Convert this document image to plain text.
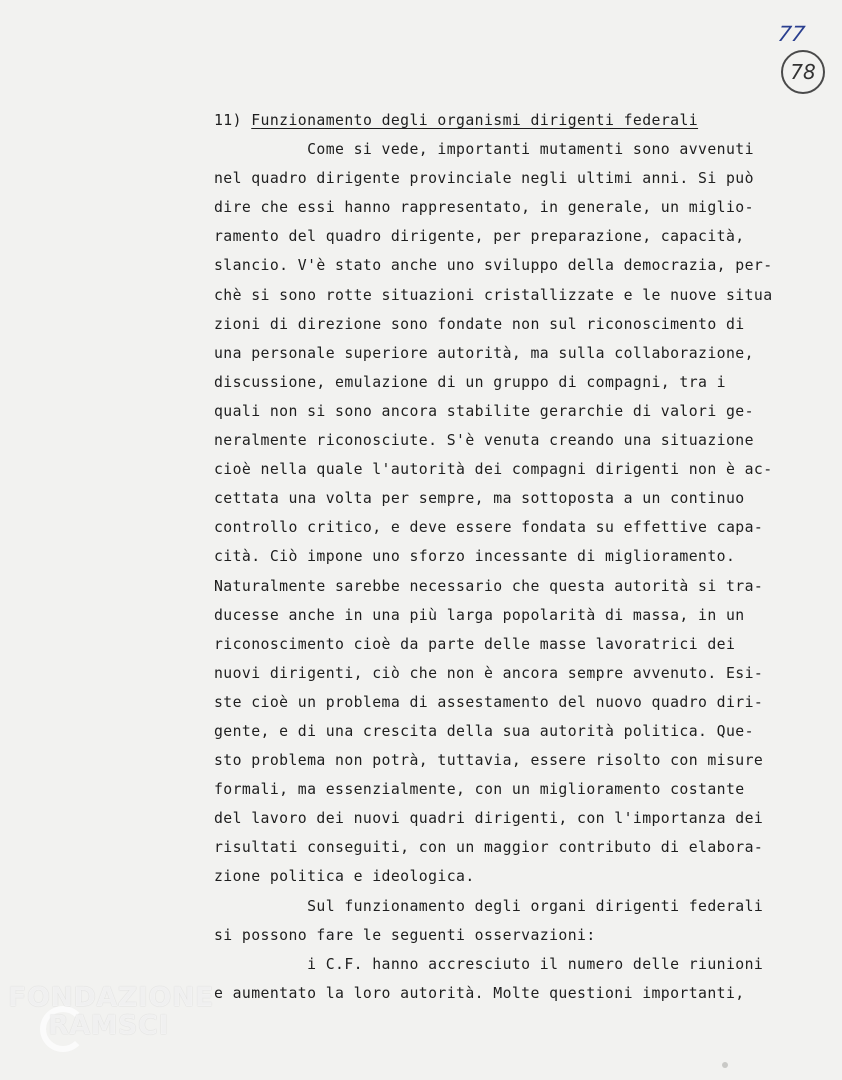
77
78
11) Funzionamento degli organismi dirigenti federali
Come si vede, importanti mutamenti sono avvenuti
nel quadro dirigente provinciale negli ultimi anni. Si può
dire che essi hanno rappresentato, in generale, un miglio-
ramento del quadro dirigente, per preparazione, capacità,
slancio. V'è stato anche uno sviluppo della democrazia, per-
chè si sono rotte situazioni cristallizzate e le nuove situa
zioni di direzione sono fondate non sul riconoscimento di
una personale superiore autorità, ma sulla collaborazione,
discussione, emulazione di un gruppo di compagni, tra i
quali non si sono ancora stabilite gerarchie di valori ge-
neralmente riconosciute. S'è venuta creando una situazione
cioè nella quale l'autorità dei compagni dirigenti non è ac-
cettata una volta per sempre, ma sottoposta a un continuo
controllo critico, e deve essere fondata su effettive capa-
cità. Ciò impone uno sforzo incessante di miglioramento.
Naturalmente sarebbe necessario che questa autorità si tra-
ducesse anche in una più larga popolarità di massa, in un
riconoscimento cioè da parte delle masse lavoratrici dei
nuovi dirigenti, ciò che non è ancora sempre avvenuto. Esi-
ste cioè un problema di assestamento del nuovo quadro diri-
gente, e di una crescita della sua autorità politica. Que-
sto problema non potrà, tuttavia, essere risolto con misure
formali, ma essenzialmente, con un miglioramento costante
del lavoro dei nuovi quadri dirigenti, con l'importanza dei
risultati conseguiti, con un maggior contributo di elabora-
zione politica e ideologica.
Sul funzionamento degli organi dirigenti federali
si possono fare le seguenti osservazioni:
i C.F. hanno accresciuto il numero delle riunioni
e aumentato la loro autorità. Molte questioni importanti,
FONDAZIONE
RAMSCI
